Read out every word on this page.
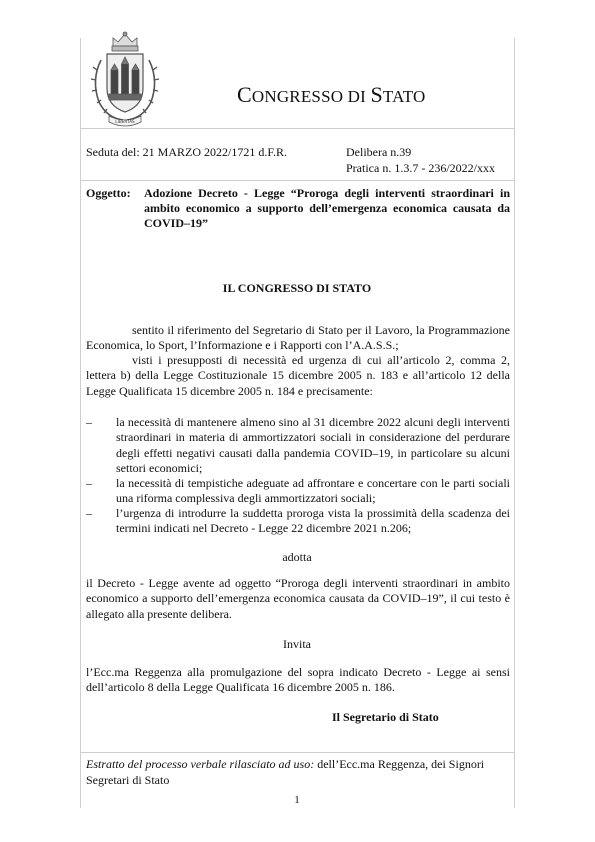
LIBERTAS
CONGRESSO DI STATO
Seduta del: 21 MARZO 2022/1721 d.F.R.	Delibera n.39
Pratica n. 1.3.7 - 236/2022/xxx
Oggetto:	Adozione Decreto - Legge “Proroga degli interventi straordinari in ambito economico a supporto dell’emergenza economica causata da COVID–19”
IL CONGRESSO DI STATO
sentito il riferimento del Segretario di Stato per il Lavoro, la Programmazione Economica, lo Sport, l’Informazione e i Rapporti con l’A.A.S.S.;
visti i presupposti di necessità ed urgenza di cui all’articolo 2, comma 2, lettera b) della Legge Costituzionale 15 dicembre 2005 n. 183 e all’articolo 12 della Legge Qualificata 15 dicembre 2005 n. 184 e precisamente:
–	la necessità di mantenere almeno sino al 31 dicembre 2022 alcuni degli interventi straordinari in materia di ammortizzatori sociali in considerazione del perdurare degli effetti negativi causati dalla pandemia COVID–19, in particolare su alcuni settori economici;
–	la necessità di tempistiche adeguate ad affrontare e concertare con le parti sociali una riforma complessiva degli ammortizzatori sociali;
–	l’urgenza di introdurre la suddetta proroga vista la prossimità della scadenza dei termini indicati nel Decreto - Legge 22 dicembre 2021 n.206;
adotta
il Decreto - Legge avente ad oggetto “Proroga degli interventi straordinari in ambito economico a supporto dell’emergenza economica causata da COVID–19”, il cui testo è allegato alla presente delibera.
Invita
l’Ecc.ma Reggenza alla promulgazione del sopra indicato Decreto - Legge ai sensi dell’articolo 8 della Legge Qualificata 16 dicembre 2005 n. 186.
Il Segretario di Stato
Estratto del processo verbale rilasciato ad uso: dell’Ecc.ma Reggenza, dei Signori Segretari di Stato
1
